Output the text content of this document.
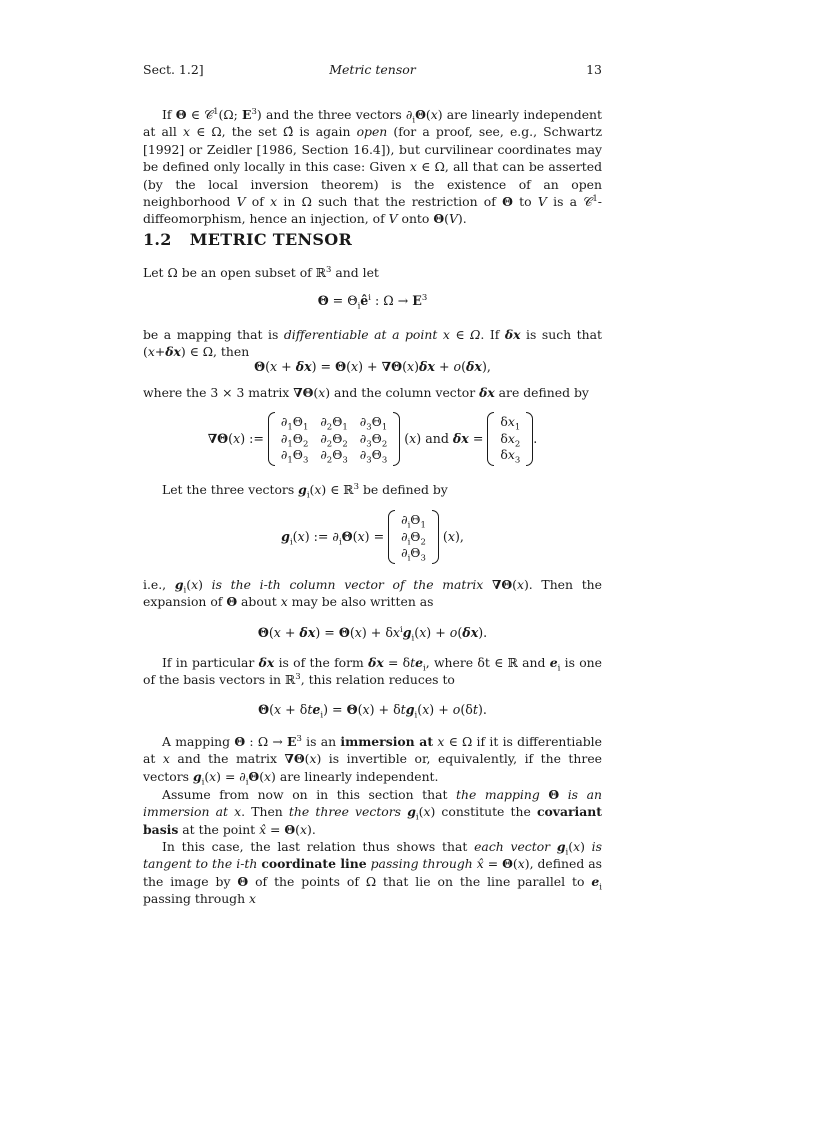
Sect. 1.2]	Metric tensor	13

If Θ ∈ 𝒞$^1$(Ω; $E^3$) and the three vectors $\partial_i\Theta(x)$ are linearly independent at all x ∈ Ω, the set Ω̂ is again open (for a proof, see, e.g., Schwartz [1992] or Zeidler [1986, Section 16.4]), but curvilinear coordinates may be defined only locally in this case: Given x ∈ Ω, all that can be asserted (by the local inversion theorem) is the existence of an open neighborhood V of x in Ω such that the restriction of Θ to V is a 𝒞$^1$-diffeomorphism, hence an injection, of V onto Θ(V).

1.2 METRIC TENSOR

Let Ω be an open subset of ℝ$^3$ and let

$\Theta = \Theta_iê^i$ : $\Omega \to E^3$

be a mapping that is differentiable at a point x ∈ Ω. If δx is such that (x+δx) ∈ Ω, then

Θ(x + δx) = Θ(x) + ∇Θ(x)δx + o(δx),

where the 3 × 3 matrix ∇Θ(x) and the column vector δx are defined by

∇Θ(x) :=
$\partial_1\Theta_1$	$\partial_2\Theta_1$	$\partial_3\Theta_1$
$\partial_1\Theta_2$	$\partial_2\Theta_2$	$\partial_3\Theta_2$
$\partial_1\Theta_3$	$\partial_2\Theta_3$	$\partial_3\Theta_3$
(x) and δx =
$\delta x_1$
$\delta x_2$
$\delta x_3$
.

Let the three vectors $g_i(x)$ ∈ ℝ$^3$ be defined by

$g_i(x)$ := $\partial_i\Theta(x)$ =
$\partial_i\Theta_1$
$\partial_i\Theta_2$
$\partial_i\Theta_3$
(x),

i.e., $g_i(x)$ is the i-th column vector of the matrix ∇Θ(x). Then the expansion of Θ about x may be also written as

$\Theta(x + \delta x) = \Theta(x) + \delta x^ig_i(x) + o(\delta x)$.

If in particular δx is of the form δx = δte$_i$, where δt ∈ ℝ and $e_i$ is one of the basis vectors in ℝ$^3$, this relation reduces to

Θ(x + δte$_i$) = Θ(x) + δtg$_i$(x) + o(δt).

A mapping Θ : $\Omega \to E^3$ is an immersion at x ∈ Ω if it is differentiable at x and the matrix ∇Θ(x) is invertible or, equivalently, if the three vectors $g_i(x) = \partial_i\Theta(x)$ are linearly independent.

Assume from now on in this section that the mapping Θ is an immersion at x. Then the three vectors $g_i(x)$ constitute the covariant basis at the point x̂ = Θ(x).

In this case, the last relation thus shows that each vector $g_i(x)$ is tangent to the i-th coordinate line passing through x̂ = Θ(x), defined as the image by Θ of the points of Ω that lie on the line parallel to $e_i$ passing through x
